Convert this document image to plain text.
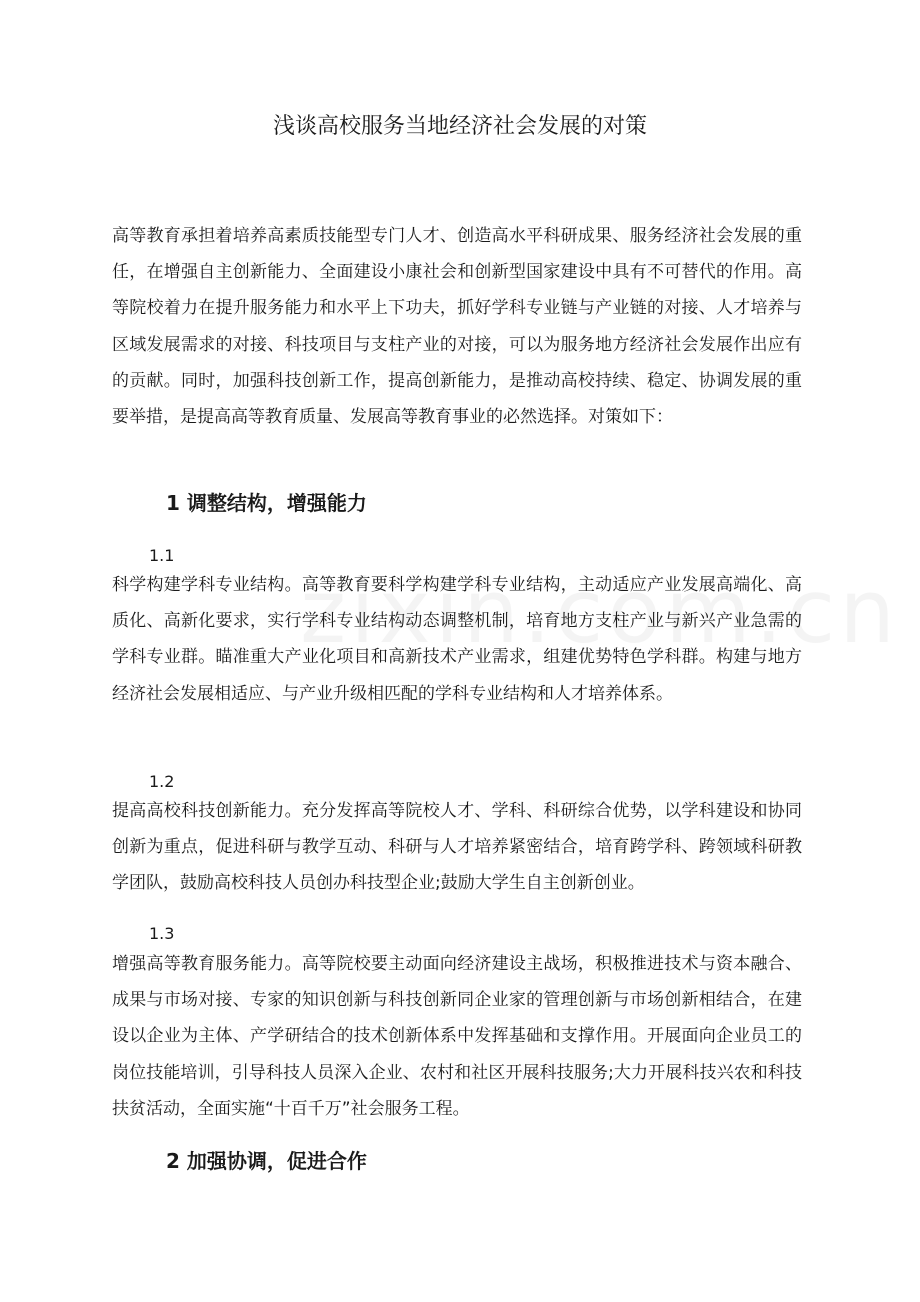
浅谈高校服务当地经济社会发展的对策

高等教育承担着培养高素质技能型专门人才、创造高水平科研成果、服务经济社会发展的重任，在增强自主创新能力、全面建设小康社会和创新型国家建设中具有不可替代的作用。高等院校着力在提升服务能力和水平上下功夫，抓好学科专业链与产业链的对接、人才培养与区域发展需求的对接、科技项目与支柱产业的对接，可以为服务地方经济社会发展作出应有的贡献。同时，加强科技创新工作，提高创新能力，是推动高校持续、稳定、协调发展的重要举措，是提高高等教育质量、发展高等教育事业的必然选择。对策如下：

1 调整结构，增强能力
1.1

科学构建学科专业结构。高等教育要科学构建学科专业结构，主动适应产业发展高端化、高质化、高新化要求，实行学科专业结构动态调整机制，培育地方支柱产业与新兴产业急需的学科专业群。瞄准重大产业化项目和高新技术产业需求，组建优势特色学科群。构建与地方经济社会发展相适应、与产业升级相匹配的学科专业结构和人才培养体系。

1.2

提高高校科技创新能力。充分发挥高等院校人才、学科、科研综合优势，以学科建设和协同创新为重点，促进科研与教学互动、科研与人才培养紧密结合，培育跨学科、跨领域科研教学团队，鼓励高校科技人员创办科技型企业;鼓励大学生自主创新创业。

1.3

增强高等教育服务能力。高等院校要主动面向经济建设主战场，积极推进技术与资本融合、成果与市场对接、专家的知识创新与科技创新同企业家的管理创新与市场创新相结合，在建设以企业为主体、产学研结合的技术创新体系中发挥基础和支撑作用。开展面向企业员工的岗位技能培训，引导科技人员深入企业、农村和社区开展科技服务;大力开展科技兴农和科技扶贫活动，全面实施“十百千万”社会服务工程。

2 加强协调，促进合作
